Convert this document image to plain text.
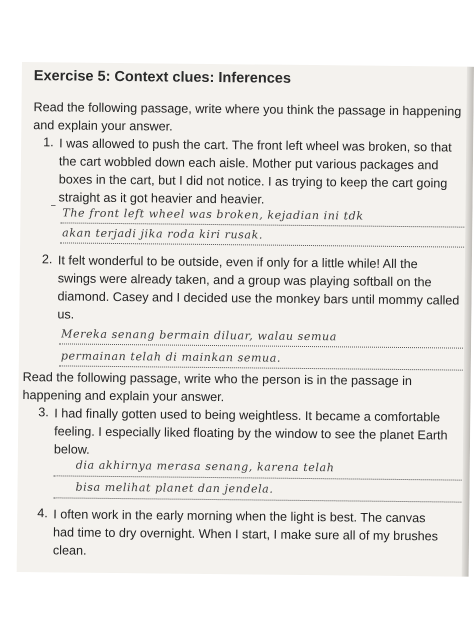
Exercise 5: Context clues: Inferences

Read the following passage, write where you think the passage in happening

and explain your answer.

1. I was allowed to push the cart. The front left wheel was broken, so that

the cart wobbled down each aisle. Mother put various packages and

boxes in the cart, but I did not notice. I as trying to keep the cart going

straight as it got heavier and heavier.

–

The front left wheel was broken, kejadian ini tdk

akan terjadi jika roda kiri rusak.

2. It felt wonderful to be outside, even if only for a little while! All the

swings were already taken, and a group was playing softball on the

diamond. Casey and I decided use the monkey bars until mommy called

us.

Mereka senang bermain diluar, walau semua

permainan telah di mainkan semua.

Read the following passage, write who the person is in the passage in

happening and explain your answer.

3. I had finally gotten used to being weightless. It became a comfortable

feeling. I especially liked floating by the window to see the planet Earth

below.

dia akhirnya merasa senang, karena telah

bisa melihat planet dan jendela.

4. I often work in the early morning when the light is best. The canvas

had time to dry overnight. When I start, I make sure all of my brushes

clean.
